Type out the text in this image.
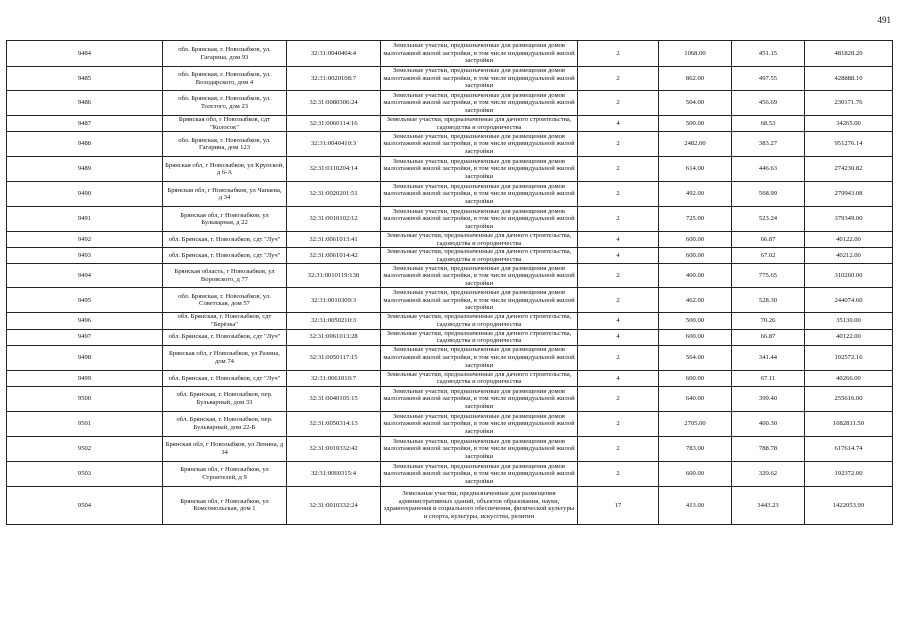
491
9484	обл. Брянская, г. Новозыбков, ул. Гагарина, дом 93	32:31:0040404:4	Земельные участки, предназначенные для размещения домов малоэтажной жилой застройки, в том числе индивидуальной жилой застройки	2	1068.00	451.15	481828.20
9485	обл. Брянская, г. Новозыбков, ул. Володарского, дом 4	32:31:0020108:7	Земельные участки, предназначенные для размещения домов малоэтажной жилой застройки, в том числе индивидуальной жилой застройки	2	862.00	497.55	428888.10
9486	обл. Брянская, г. Новозыбков, ул. Толстого, дом 23	32:31:0080306:24	Земельные участки, предназначенные для размещения домов малоэтажной жилой застройки, в том числе индивидуальной жилой застройки	2	504.00	456.69	230171.76
9487	Брянская обл, г Новозыбков, сдт "Колосок"	32:31:0060114:16	Земельные участки, предназначенные для дачного строительства, садоводства и огородничества	4	500.00	68.53	34265.00
9488	обл. Брянская, г. Новозыбков, ул. Гагарина, дом 123	32:31:0040410:3	Земельные участки, предназначенные для размещения домов малоэтажной жилой застройки, в том числе индивидуальной жилой застройки	2	2482.00	383.27	951276.14
9489	Брянская обл, г Новозыбков, ул Крупской, д 6-А	32:31:0110204:14	Земельные участки, предназначенные для размещения домов малоэтажной жилой застройки, в том числе индивидуальной жилой застройки	2	614.00	446.63	274230.82
9490	Брянская обл, г Новозыбков, ул Чапаева, д 34	32:31:0020201:51	Земельные участки, предназначенные для размещения домов малоэтажной жилой застройки, в том числе индивидуальной жилой застройки	2	492.00	568.99	279943.08
9491	Брянская обл, г Новозыбков, ул Бульварная, д 22	32:31:0010102:12	Земельные участки, предназначенные для размещения домов малоэтажной жилой застройки, в том числе индивидуальной жилой застройки	2	725.00	523.24	379349.00
9492	обл. Брянская, г. Новозыбков, сдт "Луч"	32:31:0061013:41	Земельные участки, предназначенные для дачного строительства, садоводства и огородничества	4	600.00	66.87	40122.00
9493	обл. Брянская, г. Новозыбков, сдт "Луч"	32:31:0061014:42	Земельные участки, предназначенные для дачного строительства, садоводства и огородничества	4	600.00	67.02	40212.00
9494	Брянская область, г Новозыбков, ул Воровского, д 77	32:31:0010119:138	Земельные участки, предназначенные для размещения домов малоэтажной жилой застройки, в том числе индивидуальной жилой застройки	2	400.00	775.65	310260.00
9495	обл. Брянская, г. Новозыбков, ул. Советская, дом 57	32:31:0010309:3	Земельные участки, предназначенные для размещения домов малоэтажной жилой застройки, в том числе индивидуальной жилой застройки	2	462.00	528.30	244074.60
9496	обл. Брянская, г. Новозыбков, сдт "Берёзка"	32:31:0050210:3	Земельные участки, предназначенные для дачного строительства, садоводства и огородничества	4	500.00	70.26	35130.00
9497	обл. Брянская, г. Новозыбков, сдт "Луч"	32:31:0061013:28	Земельные участки, предназначенные для дачного строительства, садоводства и огородничества	4	600.00	66.87	40122.00
9498	Брянская обл, г Новозыбков, ул Разина, дом 74	32:31:0050117:15	Земельные участки, предназначенные для размещения домов малоэтажной жилой застройки, в том числе индивидуальной жилой застройки	2	564.00	341.44	192572.16
9499	обл. Брянская, г. Новозыбков, сдт "Луч"	32:31:0061010:7	Земельные участки, предназначенные для дачного строительства, садоводства и огородничества	4	600.00	67.11	40266.00
9500	обл. Брянская, г. Новозыбков, пер. Бульварный, дом 33	32:31:0040105:15	Земельные участки, предназначенные для размещения домов малоэтажной жилой застройки, в том числе индивидуальной жилой застройки	2	640.00	399.40	255616.00
9501	обл. Брянская, г. Новозыбков, пер. Бульварный, дом 22-Б	32:31:0050314:13	Земельные участки, предназначенные для размещения домов малоэтажной жилой застройки, в том числе индивидуальной жилой застройки	2	2705.00	400.30	1082811.50
9502	Брянская обл, г Новозыбков, ул Ленина, д 34	32:31:0010332:42	Земельные участки, предназначенные для размещения домов малоэтажной жилой застройки, в том числе индивидуальной жилой застройки	2	783.00	788.78	617614.74
9503	Брянская обл, г Новозыбков, ул Строителей, д 9	32:31:0060315:4	Земельные участки, предназначенные для размещения домов малоэтажной жилой застройки, в том числе индивидуальной жилой застройки	2	600.00	320.62	192372.00
9504	Брянская обл, г Новозыбков, ул Комсомольская, дом 1	32:31:0010332:24	Земельные участки, предназначенные для размещения административных зданий, объектов образования, науки, здравоохранения и социального обеспечения, физической культуры и спорта, культуры, искусства, религии	17	413.00	3443.23	1422053.99
